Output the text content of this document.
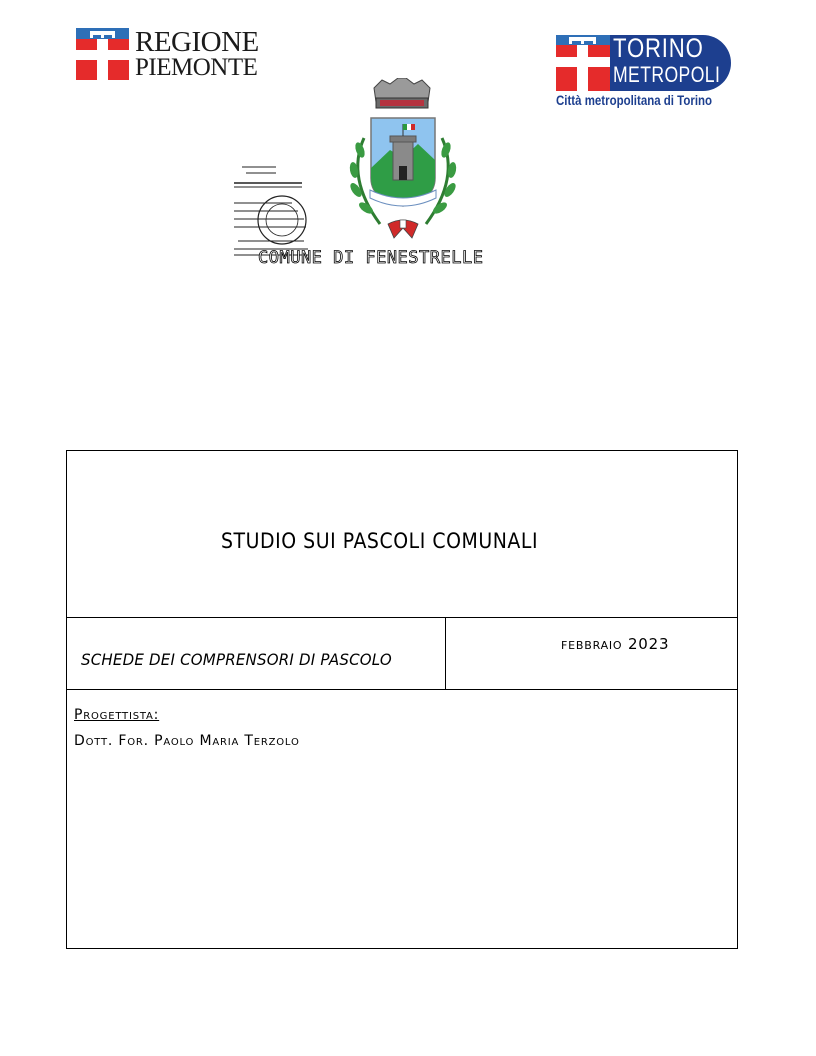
REGIONE
PIEMONTE
TORINO
METROPOLI
Città metropolitana di Torino
COMUNE DI FENESTRELLE
STUDIO SUI PASCOLI COMUNALI
SCHEDE DEI COMPRENSORI DI PASCOLO
febbraio 2023
Progettista:
Dott. For. Paolo Maria Terzolo
